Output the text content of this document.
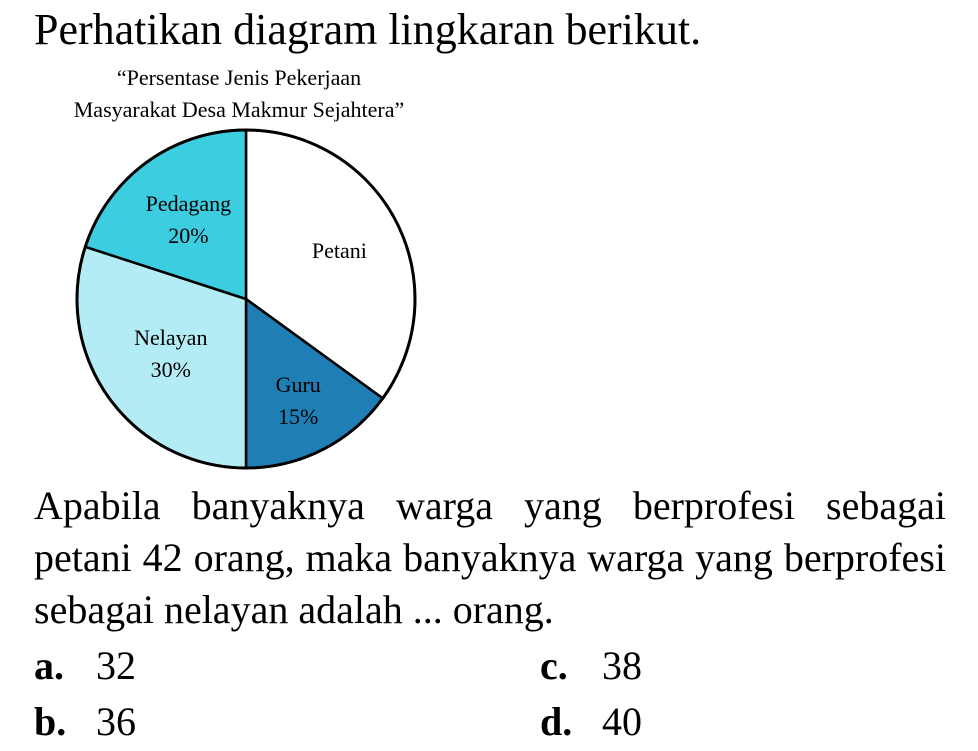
Perhatikan diagram lingkaran berikut.
“Persentase Jenis Pekerjaan
Masyarakat Desa Makmur Sejahtera”
Petani
Guru
15%
Nelayan
30%
Pedagang
20%
Apabila banyaknya warga yang berprofesi sebagai petani 42 orang, maka banyaknya warga yang berprofesi sebagai nelayan adalah ... orang.
a. 32
b. 36
c. 38
d. 40
